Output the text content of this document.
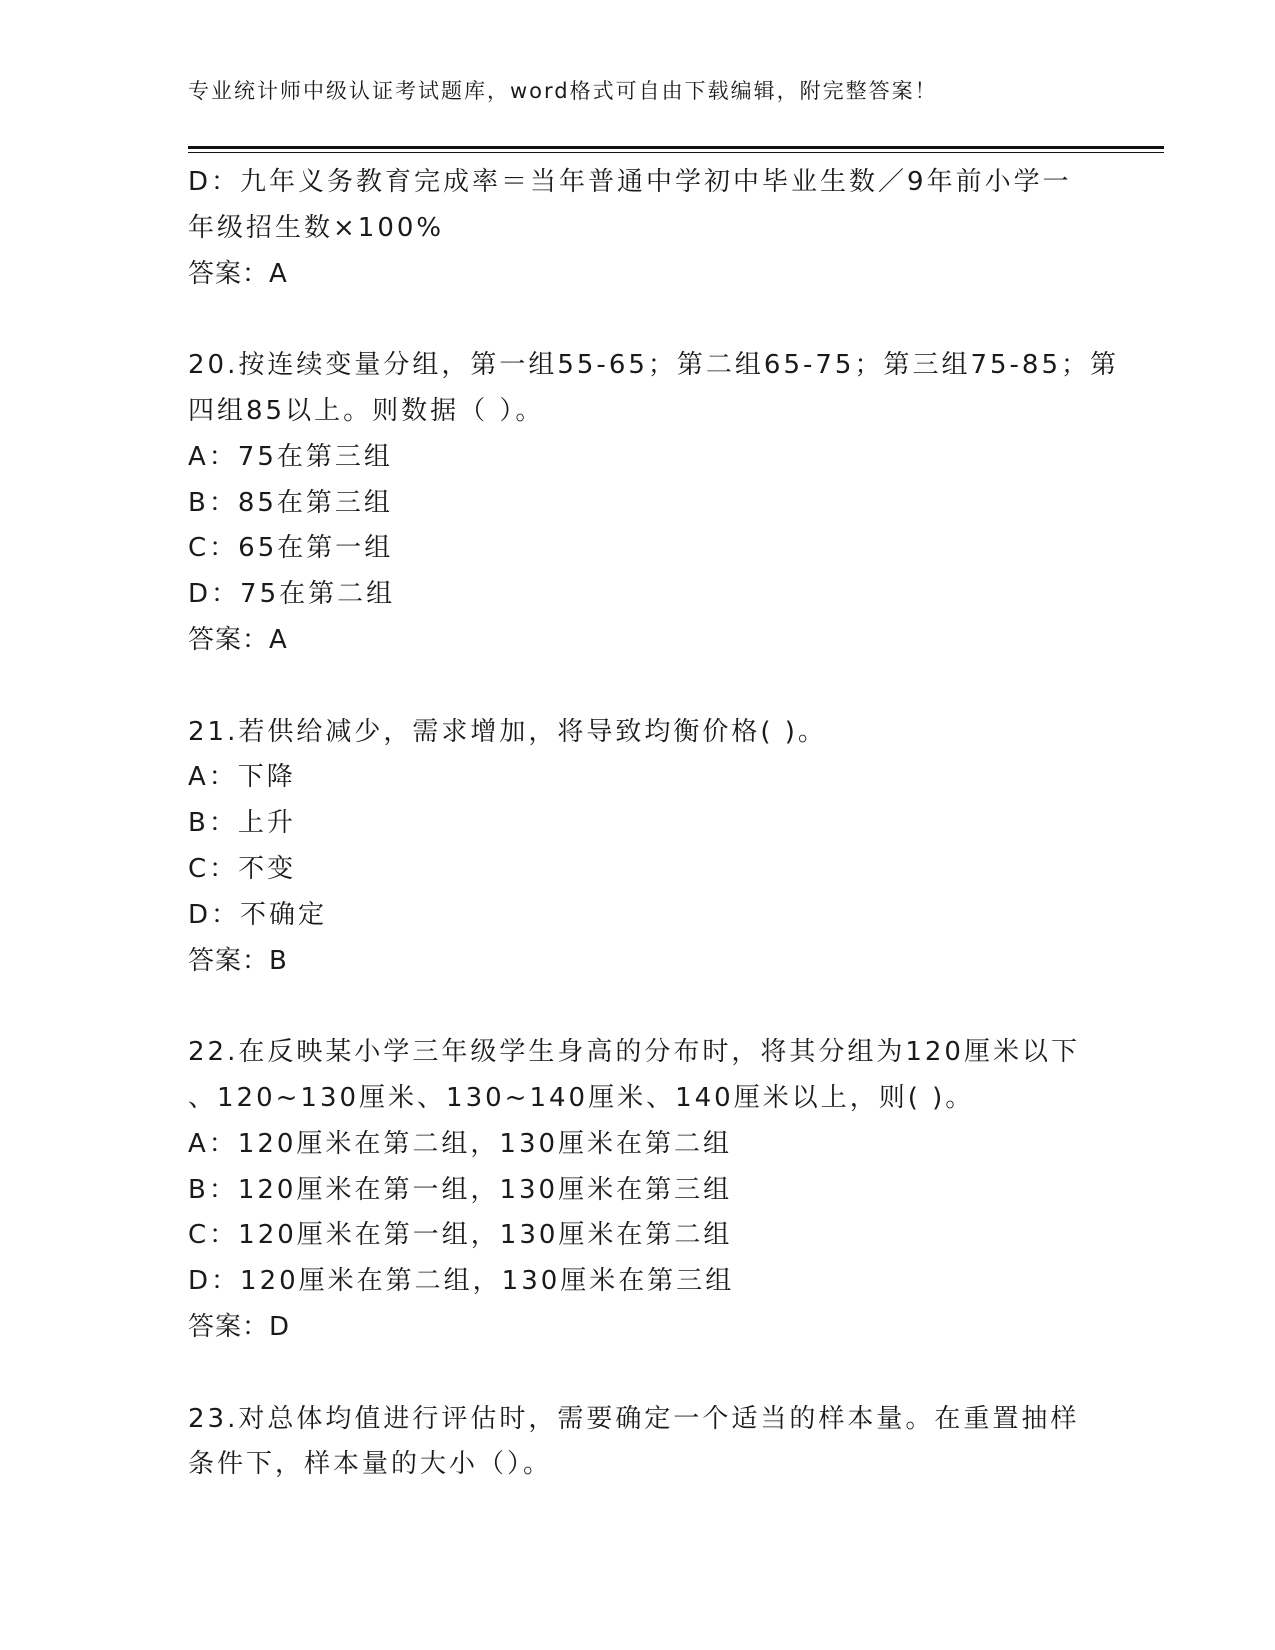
专业统计师中级认证考试题库，word格式可自由下载编辑，附完整答案！
D：九年义务教育完成率＝当年普通中学初中毕业生数／9年前小学一
年级招生数×100%
答案：A
20.按连续变量分组，第一组55-65；第二组65-75；第三组75-85；第
四组85以上。则数据（ ）。
A：75在第三组
B：85在第三组
C：65在第一组
D：75在第二组
答案：A
21.若供给减少，需求增加，将导致均衡价格( )。
A：下降
B：上升
C：不变
D：不确定
答案：B
22.在反映某小学三年级学生身高的分布时，将其分组为120厘米以下
、120~130厘米、130~140厘米、140厘米以上，则( )。
A：120厘米在第二组，130厘米在第二组
B：120厘米在第一组，130厘米在第三组
C：120厘米在第一组，130厘米在第二组
D：120厘米在第二组，130厘米在第三组
答案：D
23.对总体均值进行评估时，需要确定一个适当的样本量。在重置抽样
条件下，样本量的大小（）。
